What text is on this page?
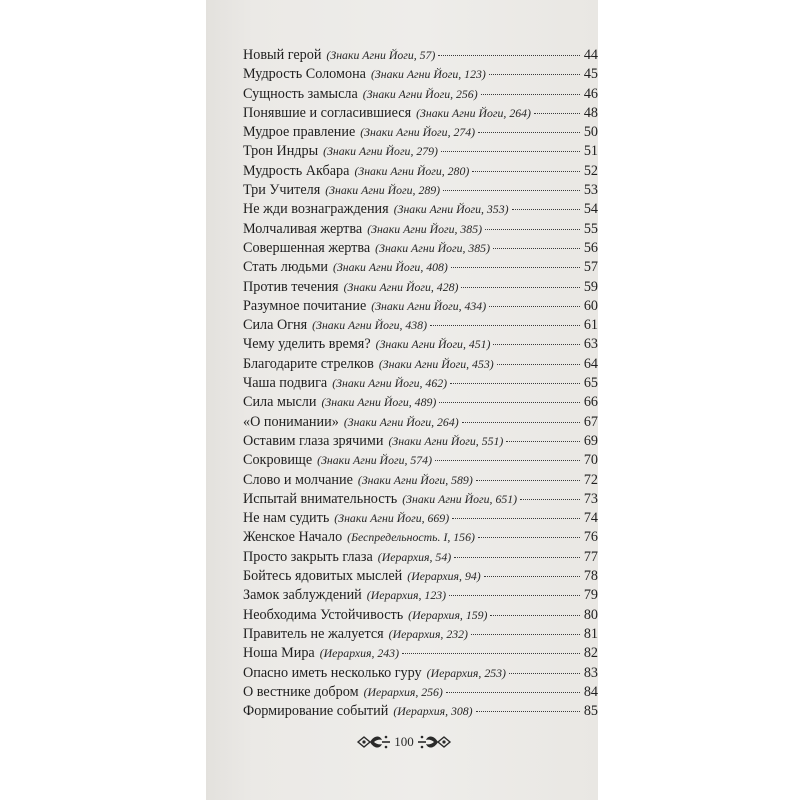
Новый герой (Знаки Агни Йоги, 57)	44
Мудрость Соломона (Знаки Агни Йоги, 123)	45
Сущность замысла (Знаки Агни Йоги, 256)	46
Понявшие и согласившиеся (Знаки Агни Йоги, 264)	48
Мудрое правление (Знаки Агни Йоги, 274)	50
Трон Индры (Знаки Агни Йоги, 279)	51
Мудрость Акбара (Знаки Агни Йоги, 280)	52
Три Учителя (Знаки Агни Йоги, 289)	53
Не жди вознаграждения (Знаки Агни Йоги, 353)	54
Молчаливая жертва (Знаки Агни Йоги, 385)	55
Совершенная жертва (Знаки Агни Йоги, 385)	56
Стать людьми (Знаки Агни Йоги, 408)	57
Против течения (Знаки Агни Йоги, 428)	59
Разумное почитание (Знаки Агни Йоги, 434)	60
Сила Огня (Знаки Агни Йоги, 438)	61
Чему уделить время? (Знаки Агни Йоги, 451)	63
Благодарите стрелков (Знаки Агни Йоги, 453)	64
Чаша подвига (Знаки Агни Йоги, 462)	65
Сила мысли (Знаки Агни Йоги, 489)	66
«О понимании» (Знаки Агни Йоги, 264)	67
Оставим глаза зрячими (Знаки Агни Йоги, 551)	69
Сокровище (Знаки Агни Йоги, 574)	70
Слово и молчание (Знаки Агни Йоги, 589)	72
Испытай внимательность (Знаки Агни Йоги, 651)	73
Не нам судить (Знаки Агни Йоги, 669)	74
Женское Начало (Беспредельность. I, 156)	76
Просто закрыть глаза (Иерархия, 54)	77
Бойтесь ядовитых мыслей (Иерархия, 94)	78
Замок заблуждений (Иерархия, 123)	79
Необходима Устойчивость (Иерархия, 159)	80
Правитель не жалуется (Иерархия, 232)	81
Ноша Мира (Иерархия, 243)	82
Опасно иметь несколько гуру (Иерархия, 253)	83
О вестнике добром (Иерархия, 256)	84
Формирование событий (Иерархия, 308)	85
100
